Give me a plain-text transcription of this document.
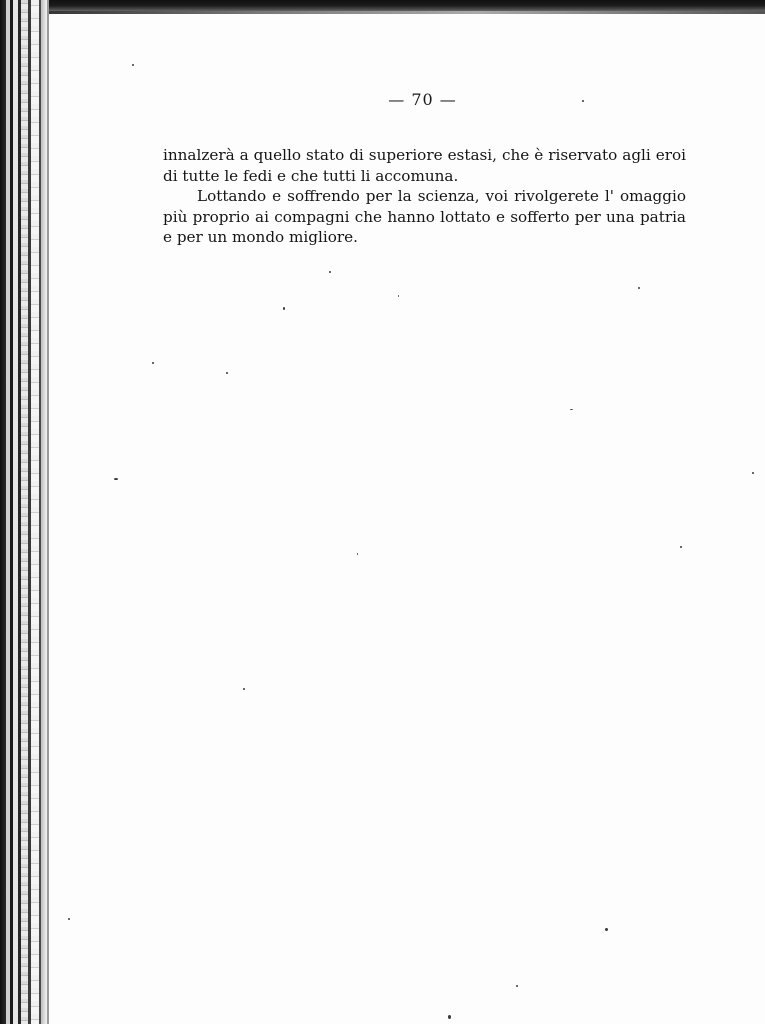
— 70 —
innalzerà a quello stato di superiore estasi, che è riservato agli eroi
di tutte le fedi e che tutti li accomuna.
Lottando e soffrendo per la scienza, voi rivolgerete l' omaggio
più proprio ai compagni che hanno lottato e sofferto per una patria
e per un mondo migliore.
